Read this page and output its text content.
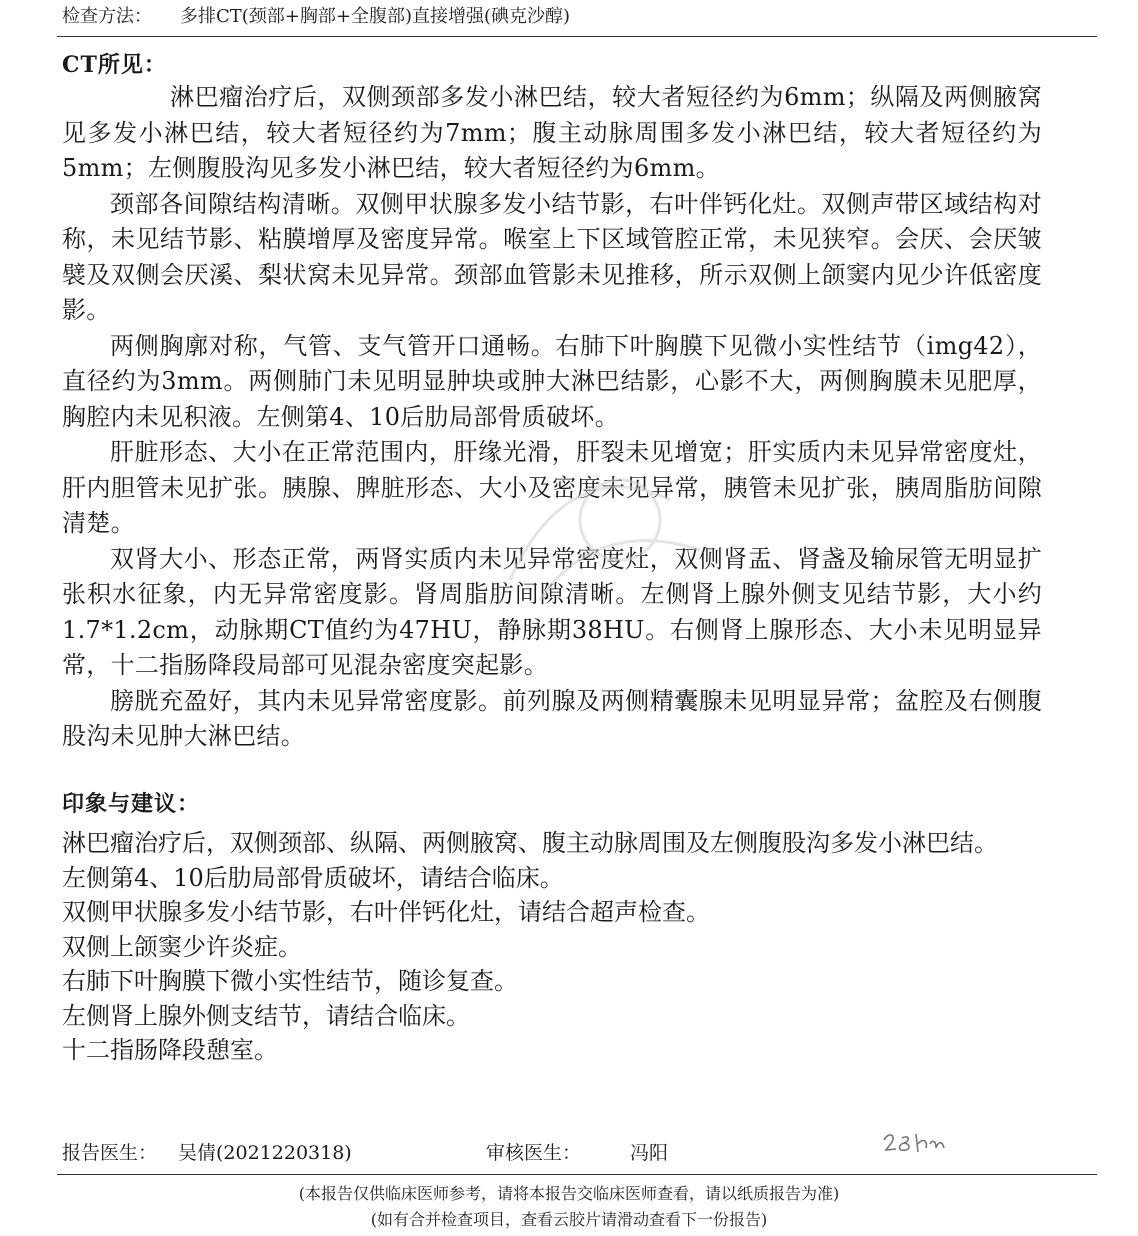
检查方法： 多排CT(颈部+胸部+全腹部)直接增强(碘克沙醇)
CT所见：

淋巴瘤治疗后，双侧颈部多发小淋巴结，较大者短径约为6mm；纵隔及两侧腋窝见多发小淋巴结，较大者短径约为7mm；腹主动脉周围多发小淋巴结，较大者短径约为5mm；左侧腹股沟见多发小淋巴结，较大者短径约为6mm。

颈部各间隙结构清晰。双侧甲状腺多发小结节影，右叶伴钙化灶。双侧声带区域结构对称，未见结节影、粘膜增厚及密度异常。喉室上下区域管腔正常，未见狭窄。会厌、会厌皱襞及双侧会厌溪、梨状窝未见异常。颈部血管影未见推移，所示双侧上颌窦内见少许低密度影。

两侧胸廓对称，气管、支气管开口通畅。右肺下叶胸膜下见微小实性结节（img42），直径约为3mm。两侧肺门未见明显肿块或肿大淋巴结影，心影不大，两侧胸膜未见肥厚，胸腔内未见积液。左侧第4、10后肋局部骨质破坏。

肝脏形态、大小在正常范围内，肝缘光滑，肝裂未见增宽；肝实质内未见异常密度灶，肝内胆管未见扩张。胰腺、脾脏形态、大小及密度未见异常，胰管未见扩张，胰周脂肪间隙清楚。

双肾大小、形态正常，两肾实质内未见异常密度灶，双侧肾盂、肾盏及输尿管无明显扩张积水征象，内无异常密度影。肾周脂肪间隙清晰。左侧肾上腺外侧支见结节影，大小约1.7*1.2cm，动脉期CT值约为47HU，静脉期38HU。右侧肾上腺形态、大小未见明显异常，十二指肠降段局部可见混杂密度突起影。

膀胱充盈好，其内未见异常密度影。前列腺及两侧精囊腺未见明显异常；盆腔及右侧腹股沟未见肿大淋巴结。

印象与建议：
淋巴瘤治疗后，双侧颈部、纵隔、两侧腋窝、腹主动脉周围及左侧腹股沟多发小淋巴结。
左侧第4、10后肋局部骨质破坏，请结合临床。
双侧甲状腺多发小结节影，右叶伴钙化灶，请结合超声检查。
双侧上颌窦少许炎症。
右肺下叶胸膜下微小实性结节，随诊复查。
左侧肾上腺外侧支结节，请结合临床。
十二指肠降段憩室。
报告医生： 吴倩(2021220318)	审核医生：	冯阳
(本报告仅供临床医师参考，请将本报告交临床医师查看，请以纸质报告为准)
(如有合并检查项目，查看云胶片请滑动查看下一份报告)
